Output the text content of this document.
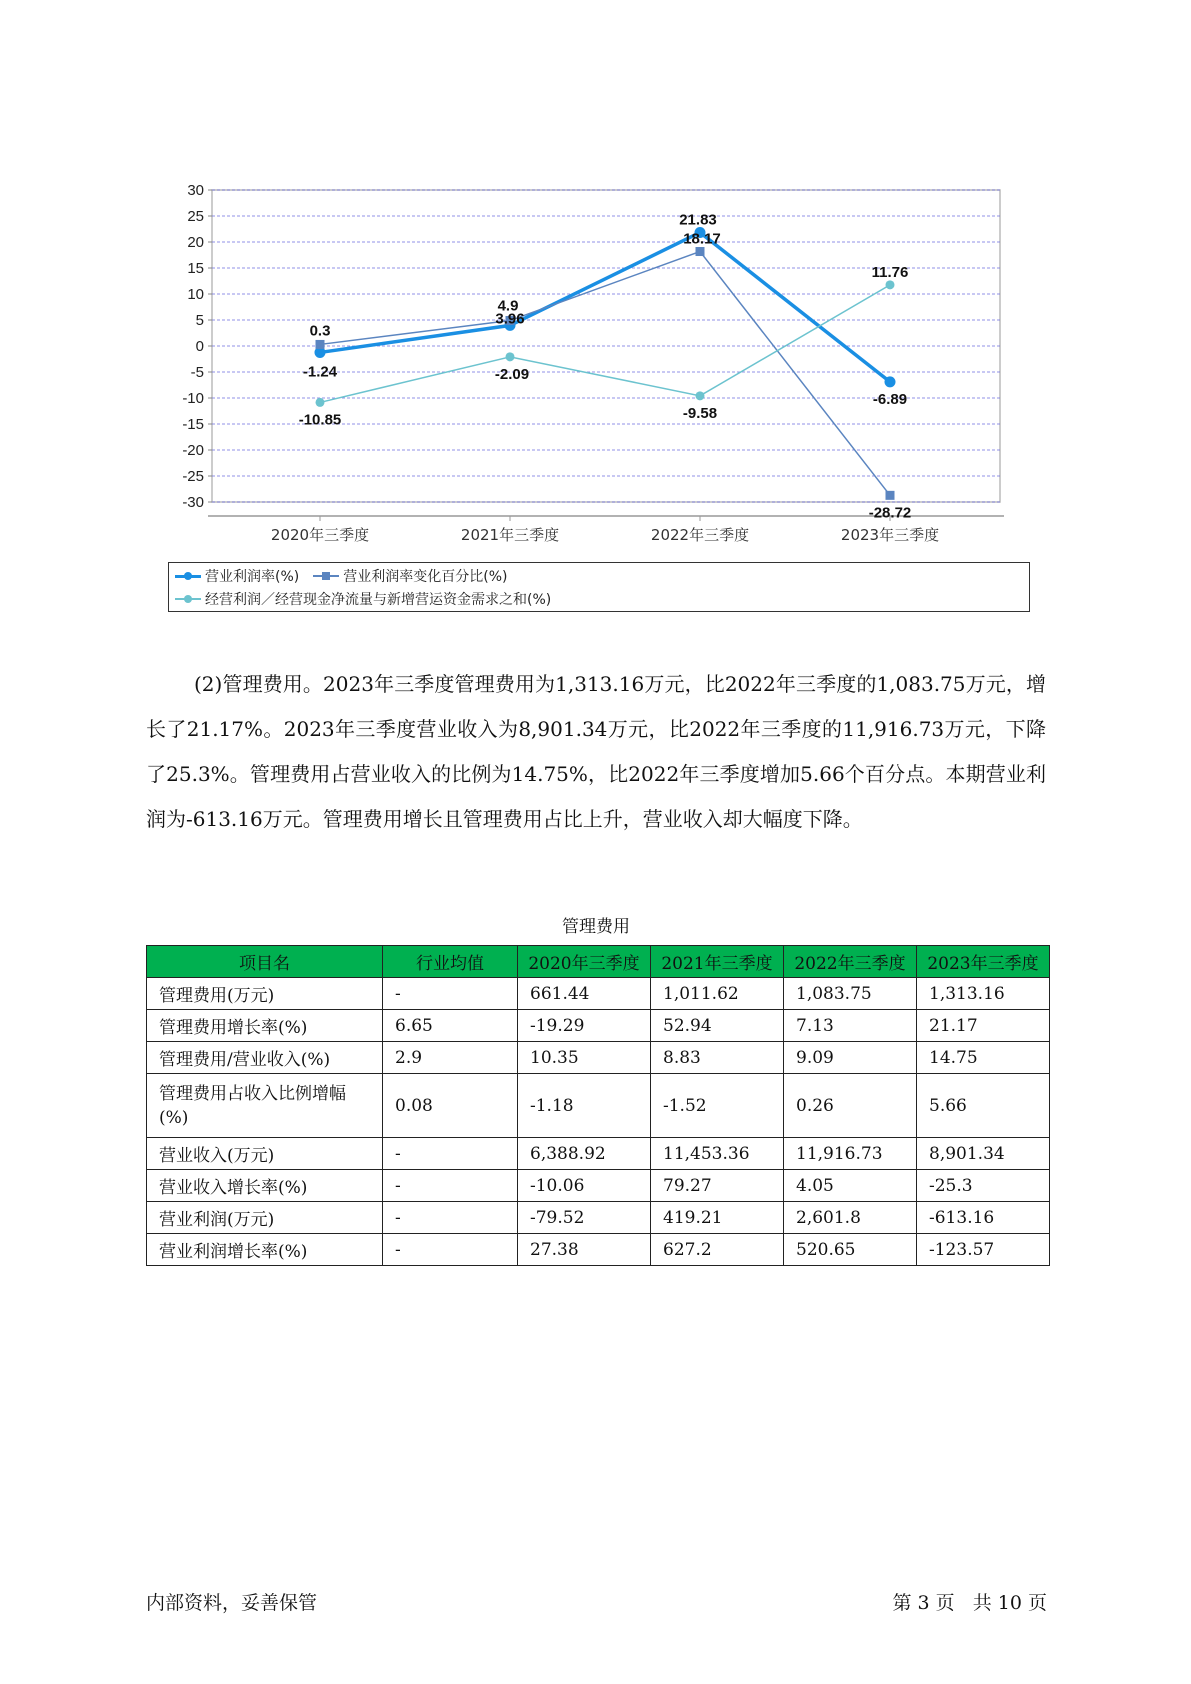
30
25
20
15
10
5
0
-5
-10
-15
-20
-25
-30
2020年三季度	2021年三季度	2022年三季度	2023年三季度
-1.24
3.96
21.83
-6.89
0.3
4.9
18.17
-28.72
-10.85
-2.09
-9.58
11.76
营业利润率(%)	营业利润率变化百分比(%)
经营利润／经营现金净流量与新增营运资金需求之和(%)

(2)管理费用。2023年三季度管理费用为1,313.16万元，比2022年三季度的1,083.75万元，增长了21.17%。2023年三季度营业收入为8,901.34万元，比2022年三季度的11,916.73万元，下降了25.3%。管理费用占营业收入的比例为14.75%，比2022年三季度增加5.66个百分点。本期营业利润为-613.16万元。管理费用增长且管理费用占比上升，营业收入却大幅度下降。

管理费用
项目名	行业均值	2020年三季度	2021年三季度	2022年三季度	2023年三季度
管理费用(万元)	-	661.44	1,011.62	1,083.75	1,313.16
管理费用增长率(%)	6.65	-19.29	52.94	7.13	21.17
管理费用/营业收入(%)	2.9	10.35	8.83	9.09	14.75
管理费用占收入比例增幅(%)	0.08	-1.18	-1.52	0.26	5.66
营业收入(万元)	-	6,388.92	11,453.36	11,916.73	8,901.34
营业收入增长率(%)	-	-10.06	79.27	4.05	-25.3
营业利润(万元)	-	-79.52	419.21	2,601.8	-613.16
营业利润增长率(%)	-	27.38	627.2	520.65	-123.57
内部资料，妥善保管	第 3 页   共 10 页
